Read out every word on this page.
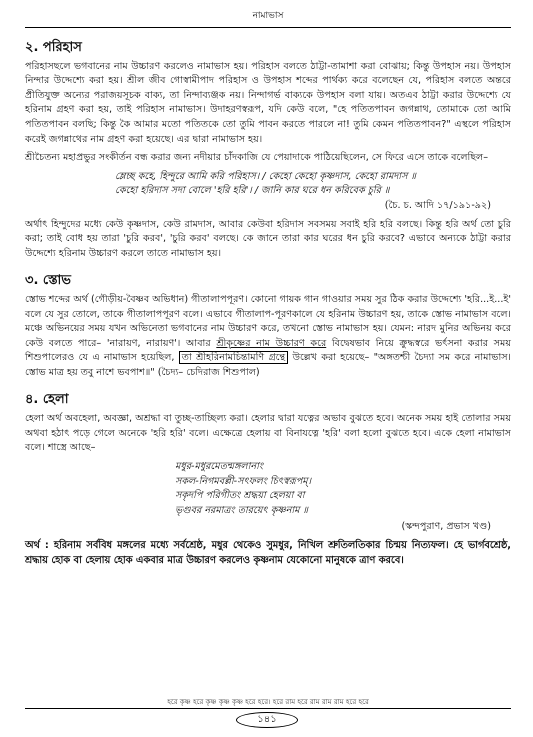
নামাভাস
২. পরিহাস

পরিহাসছলে ভগবানের নাম উচ্চারণ করলেও নামাভাস হয়। পরিহাস বলতে ঠাট্টা-তামাশা করা বোঝায়; কিন্তু উপহাস নয়। উপহাস নিন্দার উদ্দেশ্যে করা হয়। শ্রীল জীব গোস্বামীপাদ পরিহাস ও উপহাস শব্দের পার্থক্য করে বলেছেন যে, পরিহাস বলতে অন্তরে প্রীতিযুক্ত অন্যের পরাজয়সূচক বাক্য, তা নিন্দাব্যঞ্জক নয়। নিন্দাগর্ভ বাক্যকে উপহাস বলা যায়। অতএব ঠাট্টা করার উদ্দেশ্যে যে হরিনাম গ্রহণ করা হয়, তাই পরিহাস নামাভাস। উদাহরণস্বরূপ, যদি কেউ বলে, "হে পতিতপাবন জগন্নাথ, তোমাকে তো আমি পতিতপাবন বলছি; কিন্তু কৈ আমার মতো পতিতকে তো তুমি পাবন করতে পারলে না! তুমি কেমন পতিতপাবন?" এস্থলে পরিহাস করেই জগন্নাথের নাম গ্রহণ করা হয়েছে। এর দ্বারা নামাভাস হয়।

শ্রীচৈতন্য মহাপ্রভুর সংকীর্তন বন্ধ করার জন্য নদীয়ার চাঁদকাজি যে পেয়াদাকে পাঠিয়েছিলেন, সে ফিরে এসে তাকে বলেছিল–

ম্লেচ্ছ কহে, হিন্দুরে আমি করি পরিহাস। / কেহো কেহো কৃষ্ণদাস, কেহো রামদাস ॥
কেহো হরিদাস সদা বোলে 'হরি হরি'। / জানি কার ঘরে ধন করিবেক চুরি ॥
(চৈ. চ. আদি ১৭/১৯১-৯২)

অর্থাৎ হিন্দুদের মধ্যে কেউ কৃষ্ণদাস, কেউ রামদাস, আবার কেউবা হরিদাস সবসময় সবাই হরি হরি বলছে। কিন্তু হরি অর্থ তো চুরি করা; তাই বোধ হয় তারা 'চুরি করব', 'চুরি করব' বলছে। কে জানে তারা কার ঘরের ধন চুরি করবে? এভাবে অন্যকে ঠাট্টা করার উদ্দেশ্যে হরিনাম উচ্চারণ করলে তাতে নামাভাস হয়।

৩. স্তোভ

স্তোভ শব্দের অর্থ (গৌড়ীয়-বৈষ্ণব অভিধান) গীতালাপপূরণ। কোনো গায়ক গান গাওয়ার সময় সুর ঠিক করার উদ্দেশ্যে 'হরি...ই...ই' বলে যে সুর তোলে, তাকে গীতালাপপূরণ বলে। এভাবে গীতালাপ-পূরণকালে যে হরিনাম উচ্চারণ হয়, তাকে স্তোভ নামাভাস বলে। মঞ্চে অভিনয়ের সময় যখন অভিনেতা ভগবানের নাম উচ্চারণ করে, তখনো স্তোভ নামাভাস হয়। যেমন: নারদ মুনির অভিনয় করে কেউ বলতে পারে– 'নারায়ণ, নারায়ণ'। আবার শ্রীকৃষ্ণের নাম উচ্চারণ করে বিদ্বেষভাব নিয়ে ক্রুদ্ধস্বরে ভর্ৎসনা করার সময় শিশুপালেরও যে এ নামাভাস হয়েছিল, তা শ্রীহরিনামচিন্তামণি গ্রন্থে উল্লেখ করা হয়েছে– "অঙ্গতশ্চী চৈদ্যা সম করে নামাভাস। স্তোভ মাত্র হয় তবু নাশে ভবপাশ॥" (চৈদ্য– চেদিরাজ শিশুপাল)

৪. হেলা

হেলা অর্থ অবহেলা, অবজ্ঞা, অশ্রদ্ধা বা তুচ্ছ-তাচ্ছিল্য করা। হেলার দ্বারা যত্নের অভাব বুঝতে হবে। অনেক সময় হাই তোলার সময় অথবা হঠাৎ পড়ে গেলে অনেকে 'হরি হরি' বলে। এক্ষেত্রে হেলায় বা বিনাযত্নে 'হরি' বলা হলো বুঝতে হবে। একে হেলা নামাভাস বলে। শাস্ত্রে আছে–

মধুর-মধুরমেতন্মঙ্গলানাং
সকল-নিগমবল্লী-সৎফলং চিৎস্বরূপম্।
সকৃদপি পরিগীতং শ্রদ্ধয়া হেলয়া বা
ভৃগুবর নরমাত্রং তারয়েৎ কৃষ্ণনাম ॥
(স্কন্দপুরাণ, প্রভাস খণ্ড)

অর্থ : হরিনাম সর্ববিধ মঙ্গলের মধ্যে সর্বশ্রেষ্ঠ, মধুর থেকেও সুমধুর, নিখিল শ্রুতিলতিকার চিন্ময় নিত্যফল। হে ভার্গবশ্রেষ্ঠ, শ্রদ্ধায় হোক বা হেলায় হোক একবার মাত্র উচ্চারণ করলেও কৃষ্ণনাম যেকোনো মানুষকে ত্রাণ করবে।

হরে কৃষ্ণ হরে কৃষ্ণ কৃষ্ণ কৃষ্ণ হরে হরে। হরে রাম হরে রাম রাম রাম হরে হরে
১৪১
